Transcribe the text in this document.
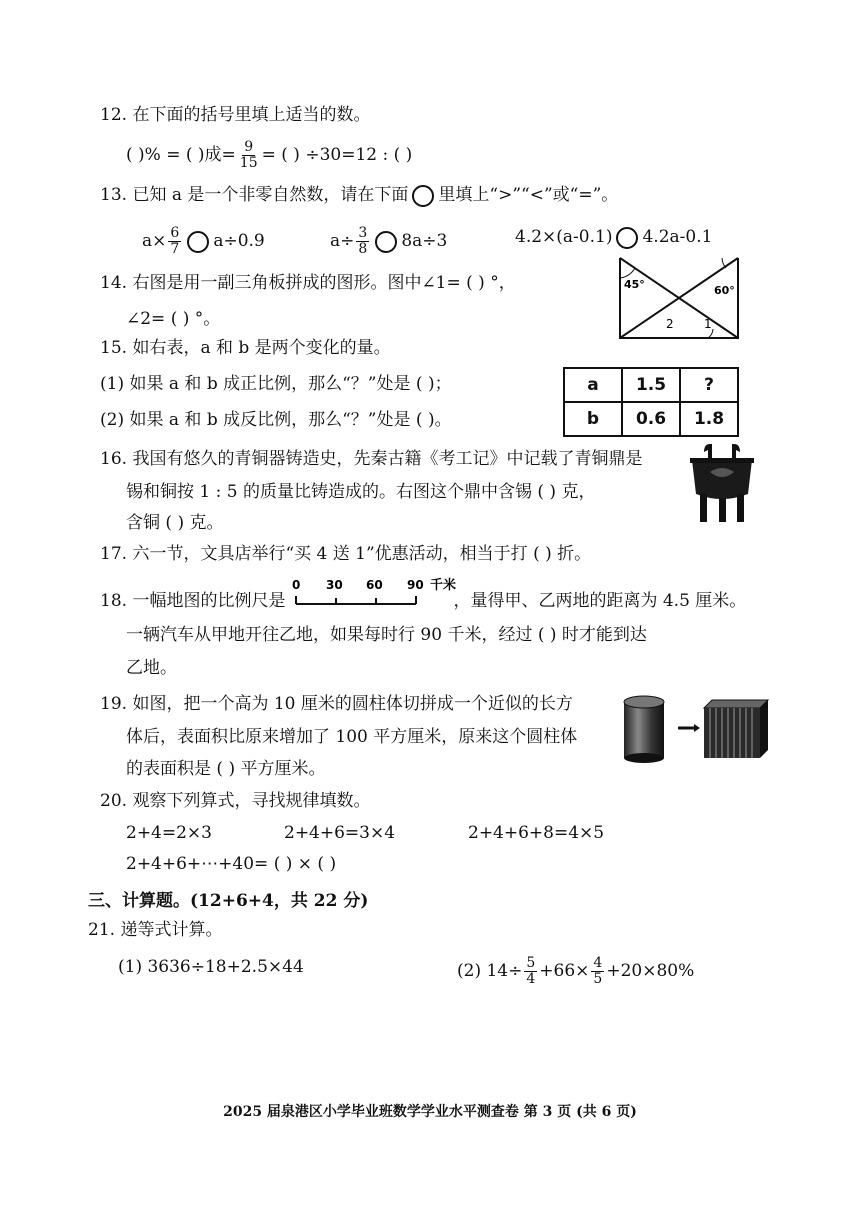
12. 在下面的括号里填上适当的数。
( )% = ( )成= $\frac{9}{15}$ = ( ) ÷30=12 : ( )
13. 已知 a 是一个非零自然数，请在下面 里填上“>”“<”或“=”。
$a\times \frac{6}{7} a\div 0.9$	$a\div \frac{3}{8} 8a\div 3$	4.2×(a-0.1) 4.2a-0.1
14. 右图是用一副三角板拼成的图形。图中∠1= ( ) °，
∠2= ( ) °。
45°	60°
2	1
15. 如右表，a 和 b 是两个变化的量。
(1) 如果 a 和 b 成正比例，那么“？”处是 ( )；
(2) 如果 a 和 b 成反比例，那么“？”处是 ( )。
a	1.5	?
b	0.6	1.8
16. 我国有悠久的青铜器铸造史，先秦古籍《考工记》中记载了青铜鼎是
锡和铜按 1 : 5 的质量比铸造成的。右图这个鼎中含锡 ( ) 克，
含铜 ( ) 克。
17. 六一节，文具店举行“买 4 送 1”优惠活动，相当于打 ( ) 折。
18. 一幅地图的比例尺是	，量得甲、乙两地的距离为 4.5 厘米。
0 30 60 90 千米
一辆汽车从甲地开往乙地，如果每时行 90 千米，经过 ( ) 时才能到达
乙地。
19. 如图，把一个高为 10 厘米的圆柱体切拼成一个近似的长方
体后，表面积比原来增加了 100 平方厘米，原来这个圆柱体
的表面积是 ( ) 平方厘米。
20. 观察下列算式，寻找规律填数。
2+4=2×3	2+4+6=3×4	2+4+6+8=4×5
2+4+6+⋯+40= ( ) × ( )
三、计算题。(12+6+4，共 22 分)
21. 递等式计算。
(1) 3636÷18+2.5×44	(2) $14\div \frac{5}{4} +66\times \frac{4}{5} +20\times 80\%$
2025 届泉港区小学毕业班数学学业水平测查卷 第 3 页 (共 6 页)
